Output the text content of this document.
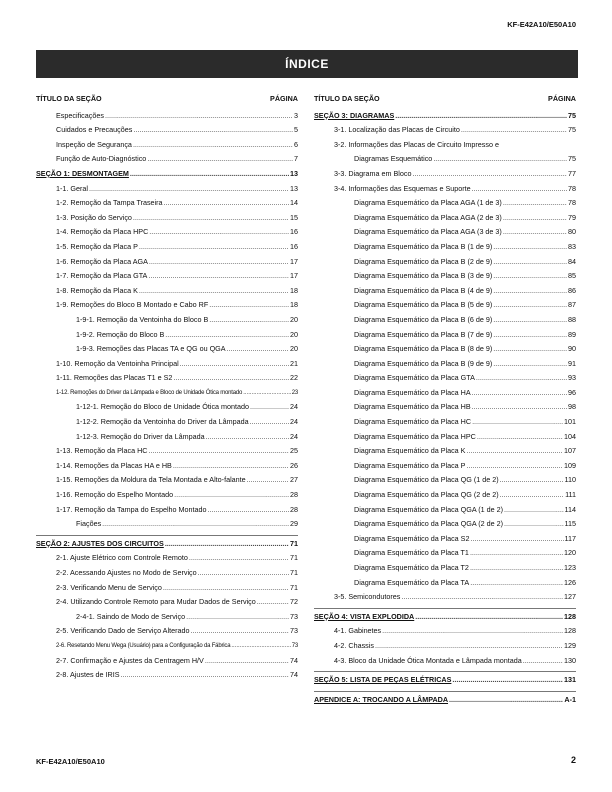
KF-E42A10/E50A10
ÍNDICE
TÍTULO DA SEÇÃO	PÁGINA
Especificações .....	3
Cuidados e Precauções .....	5
Inspeção de Segurança .....	6
Função de Auto-Diagnóstico .....	7
SEÇÃO 1: DESMONTAGEM .....	13
1-1. Geral .....	13
1-2. Remoção da Tampa Traseira .....	14
1-3. Posição do Serviço .....	15
1-4. Remoção da Placa HPC .....	16
1-5. Remoção da Placa P .....	16
1-6. Remoção da Placa AGA .....	17
1-7. Remoção da Placa GTA .....	17
1-8. Remoção da Placa K .....	18
1-9. Remoções do Bloco B Montado e Cabo RF .....	18
1-9-1. Remoção da Ventoinha do Bloco B .....	20
1-9-2. Remoção do Bloco B .....	20
1-9-3. Remoções das Placas TA e QG ou QGA .....	20
1-10. Remoção da Ventoinha Principal .....	21
1-11. Remoções das Placas T1 e S2 .....	22
1-12. Remoções do Driver da Lâmpada e Bloco de Unidade Ótica montado .....	23
1-12-1. Remoção do Bloco de Unidade Ótica montado .....	24
1-12-2. Remoção da Ventoinha do Driver da Lâmpada .....	24
1-12-3. Remoção do Driver da Lâmpada .....	24
1-13. Remoção da Placa HC .....	25
1-14. Remoções da Placas HA e HB .....	26
1-15. Remoções da Moldura da Tela Montada e Alto-falante .....	27
1-16. Remoção do Espelho Montado .....	28
1-17. Remoção da Tampa do Espelho Montado .....	28
Fiações .....	29
SEÇÃO 2: AJUSTES DOS CIRCUITOS .....	71
2-1. Ajuste Elétrico com Controle Remoto .....	71
2-2. Acessando Ajustes no Modo de Serviço .....	71
2-3. Verificando Menu de Serviço .....	71
2-4. Utilizando Controle Remoto para Mudar Dados de Serviço .....	72
2-4-1. Saindo de Modo de Serviço .....	73
2-5. Verificando Dado de Serviço Alterado .....	73
2-6. Resetando Menu Wega (Usuário) para a Configuração da Fábrica .....	73
2-7. Confirmação e Ajustes da Centragem H/V .....	74
2-8. Ajustes de IRIS .....	74
TÍTULO DA SEÇÃO	PÁGINA
SEÇÃO 3: DIAGRAMAS .....	75
3-1. Localização das Placas de Circuito .....	75
3-2. Informações das Placas de Circuito Impresso e
Diagramas Esquemático .....	75
3-3. Diagrama em Bloco .....	77
3-4. Informações das Esquemas e Suporte .....	78
Diagrama Esquemático da Placa AGA (1 de 3) .....	78
Diagrama Esquemático da Placa AGA (2 de 3) .....	79
Diagrama Esquemático da Placa AGA (3 de 3) .....	80
Diagrama Esquemático da Placa B (1 de 9) .....	83
Diagrama Esquemático da Placa B (2 de 9) .....	84
Diagrama Esquemático da Placa B (3 de 9) .....	85
Diagrama Esquemático da Placa B (4 de 9) .....	86
Diagrama Esquemático da Placa B (5 de 9) .....	87
Diagrama Esquemático da Placa B (6 de 9) .....	88
Diagrama Esquemático da Placa B (7 de 9) .....	89
Diagrama Esquemático da Placa B (8 de 9) .....	90
Diagrama Esquemático da Placa B (9 de 9) .....	91
Diagrama Esquemático da Placa GTA .....	93
Diagrama Esquemático da Placa HA .....	96
Diagrama Esquemático da Placa HB .....	98
Diagrama Esquemático da Placa HC .....	101
Diagrama Esquemático da Placa HPC .....	104
Diagrama Esquemático da Placa K .....	107
Diagrama Esquemático da Placa P .....	109
Diagrama Esquemático da Placa QG (1 de 2) .....	110
Diagrama Esquemático da Placa QG (2 de 2) .....	111
Diagrama Esquemático da Placa QGA (1 de 2) .....	114
Diagrama Esquemático da Placa QGA (2 de 2) .....	115
Diagrama Esquemático da Placa S2 .....	117
Diagrama Esquemático da Placa T1 .....	120
Diagrama Esquemático da Placa T2 .....	123
Diagrama Esquemático da Placa TA .....	126
3-5. Semicondutores .....	127
SEÇÃO 4: VISTA EXPLODIDA .....	128
4-1. Gabinetes .....	128
4-2. Chassis .....	129
4-3. Bloco da Unidade Ótica Montada e Lâmpada montada .....	130
SEÇÃO 5: LISTA DE PEÇAS ELÉTRICAS .....	131
APENDICE A: TROCANDO A LÂMPADA .....	A-1
KF-E42A10/E50A10	2
